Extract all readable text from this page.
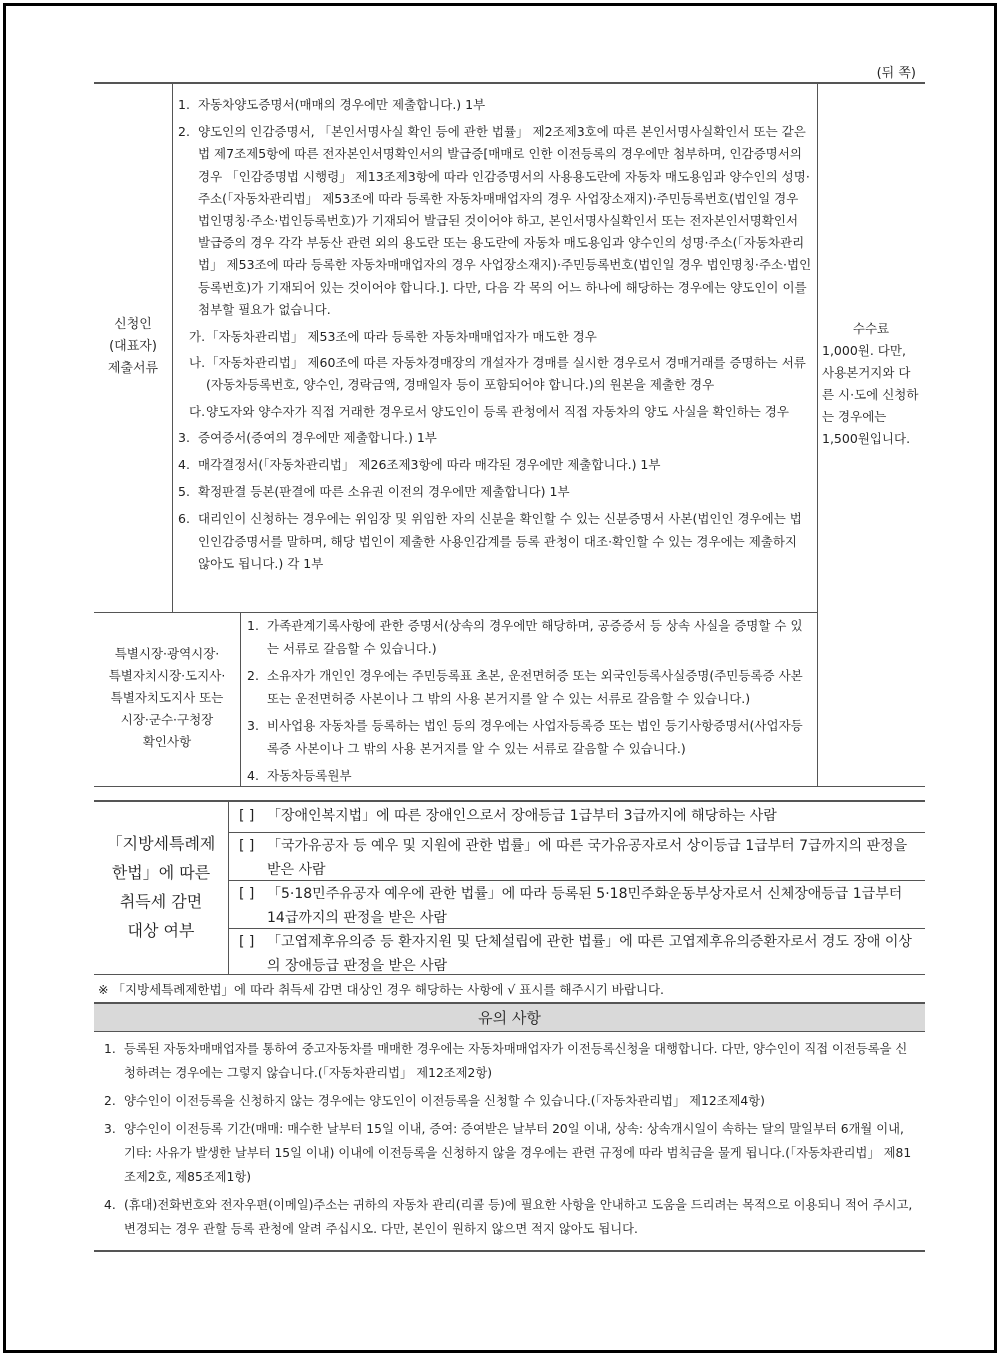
(뒤 쪽)
신청인
(대표자)
제출서류
1. 자동차양도증명서(매매의 경우에만 제출합니다.) 1부
2. 양도인의 인감증명서, 「본인서명사실 확인 등에 관한 법률」 제2조제3호에 따른 본인서명사실확인서 또는 같은 법 제7조제5항에 따른 전자본인서명확인서의 발급증[매매로 인한 이전등록의 경우에만 첨부하며, 인감증명서의 경우 「인감증명법 시행령」 제13조제3항에 따라 인감증명서의 사용용도란에 자동차 매도용임과 양수인의 성명·주소(「자동차관리법」 제53조에 따라 등록한 자동차매매업자의 경우 사업장소재지)·주민등록번호(법인일 경우 법인명칭·주소·법인등록번호)가 기재되어 발급된 것이어야 하고, 본인서명사실확인서 또는 전자본인서명확인서 발급증의 경우 각각 부동산 관련 외의 용도란 또는 용도란에 자동차 매도용임과 양수인의 성명·주소(「자동차관리법」 제53조에 따라 등록한 자동차매매업자의 경우 사업장소재지)·주민등록번호(법인일 경우 법인명칭·주소·법인등록번호)가 기재되어 있는 것이어야 합니다.]. 다만, 다음 각 목의 어느 하나에 해당하는 경우에는 양도인이 이를 첨부할 필요가 없습니다.
가. 「자동차관리법」 제53조에 따라 등록한 자동차매매업자가 매도한 경우
나. 「자동차관리법」 제60조에 따른 자동차경매장의 개설자가 경매를 실시한 경우로서 경매거래를 증명하는 서류(자동차등록번호, 양수인, 경락금액, 경매일자 등이 포함되어야 합니다.)의 원본을 제출한 경우
다. 양도자와 양수자가 직접 거래한 경우로서 양도인이 등록 관청에서 직접 자동차의 양도 사실을 확인하는 경우
3. 증여증서(증여의 경우에만 제출합니다.) 1부
4. 매각결정서(「자동차관리법」 제26조제3항에 따라 매각된 경우에만 제출합니다.) 1부
5. 확정판결 등본(판결에 따른 소유권 이전의 경우에만 제출합니다) 1부
6. 대리인이 신청하는 경우에는 위임장 및 위임한 자의 신분을 확인할 수 있는 신분증명서 사본(법인인 경우에는 법인인감증명서를 말하며, 해당 법인이 제출한 사용인감계를 등록 관청이 대조·확인할 수 있는 경우에는 제출하지 않아도 됩니다.) 각 1부
수수료
1,000원. 다만, 사용본거지와 다른 시·도에 신청하는 경우에는 1,500원입니다.
특별시장·광역시장·
특별자치시장·도지사·
특별자치도지사 또는
시장·군수·구청장
확인사항
1. 가족관계기록사항에 관한 증명서(상속의 경우에만 해당하며, 공증증서 등 상속 사실을 증명할 수 있는 서류로 갈음할 수 있습니다.)
2. 소유자가 개인인 경우에는 주민등록표 초본, 운전면허증 또는 외국인등록사실증명(주민등록증 사본또는 운전면허증 사본이나 그 밖의 사용 본거지를 알 수 있는 서류로 갈음할 수 있습니다.)
3. 비사업용 자동차를 등록하는 법인 등의 경우에는 사업자등록증 또는 법인 등기사항증명서(사업자등록증 사본이나 그 밖의 사용 본거지를 알 수 있는 서류로 갈음할 수 있습니다.)
4. 자동차등록원부
「지방세특례제
한법」에 따른
취득세 감면
대상 여부
[ ] 「장애인복지법」에 따른 장애인으로서 장애등급 1급부터 3급까지에 해당하는 사람
[ ] 「국가유공자 등 예우 및 지원에 관한 법률」에 따른 국가유공자로서 상이등급 1급부터 7급까지의 판정을 받은 사람
[ ] 「5·18민주유공자 예우에 관한 법률」에 따라 등록된 5·18민주화운동부상자로서 신체장애등급 1급부터 14급까지의 판정을 받은 사람
[ ] 「고엽제후유의증 등 환자지원 및 단체설립에 관한 법률」에 따른 고엽제후유의증환자로서 경도 장애 이상의 장애등급 판정을 받은 사람
※ 「지방세특례제한법」에 따라 취득세 감면 대상인 경우 해당하는 사항에 √ 표시를 해주시기 바랍니다.
유의 사항
1. 등록된 자동차매매업자를 통하여 중고자동차를 매매한 경우에는 자동차매매업자가 이전등록신청을 대행합니다. 다만, 양수인이 직접 이전등록을 신청하려는 경우에는 그렇지 않습니다.(「자동차관리법」 제12조제2항)
2. 양수인이 이전등록을 신청하지 않는 경우에는 양도인이 이전등록을 신청할 수 있습니다.(「자동차관리법」 제12조제4항)
3. 양수인이 이전등록 기간(매매: 매수한 날부터 15일 이내, 증여: 증여받은 날부터 20일 이내, 상속: 상속개시일이 속하는 달의 말일부터 6개월 이내, 기타: 사유가 발생한 날부터 15일 이내) 이내에 이전등록을 신청하지 않을 경우에는 관련 규정에 따라 범칙금을 물게 됩니다.(「자동차관리법」 제81조제2호, 제85조제1항)
4. (휴대)전화번호와 전자우편(이메일)주소는 귀하의 자동차 관리(리콜 등)에 필요한 사항을 안내하고 도움을 드리려는 목적으로 이용되니 적어 주시고, 변경되는 경우 관할 등록 관청에 알려 주십시오. 다만, 본인이 원하지 않으면 적지 않아도 됩니다.
